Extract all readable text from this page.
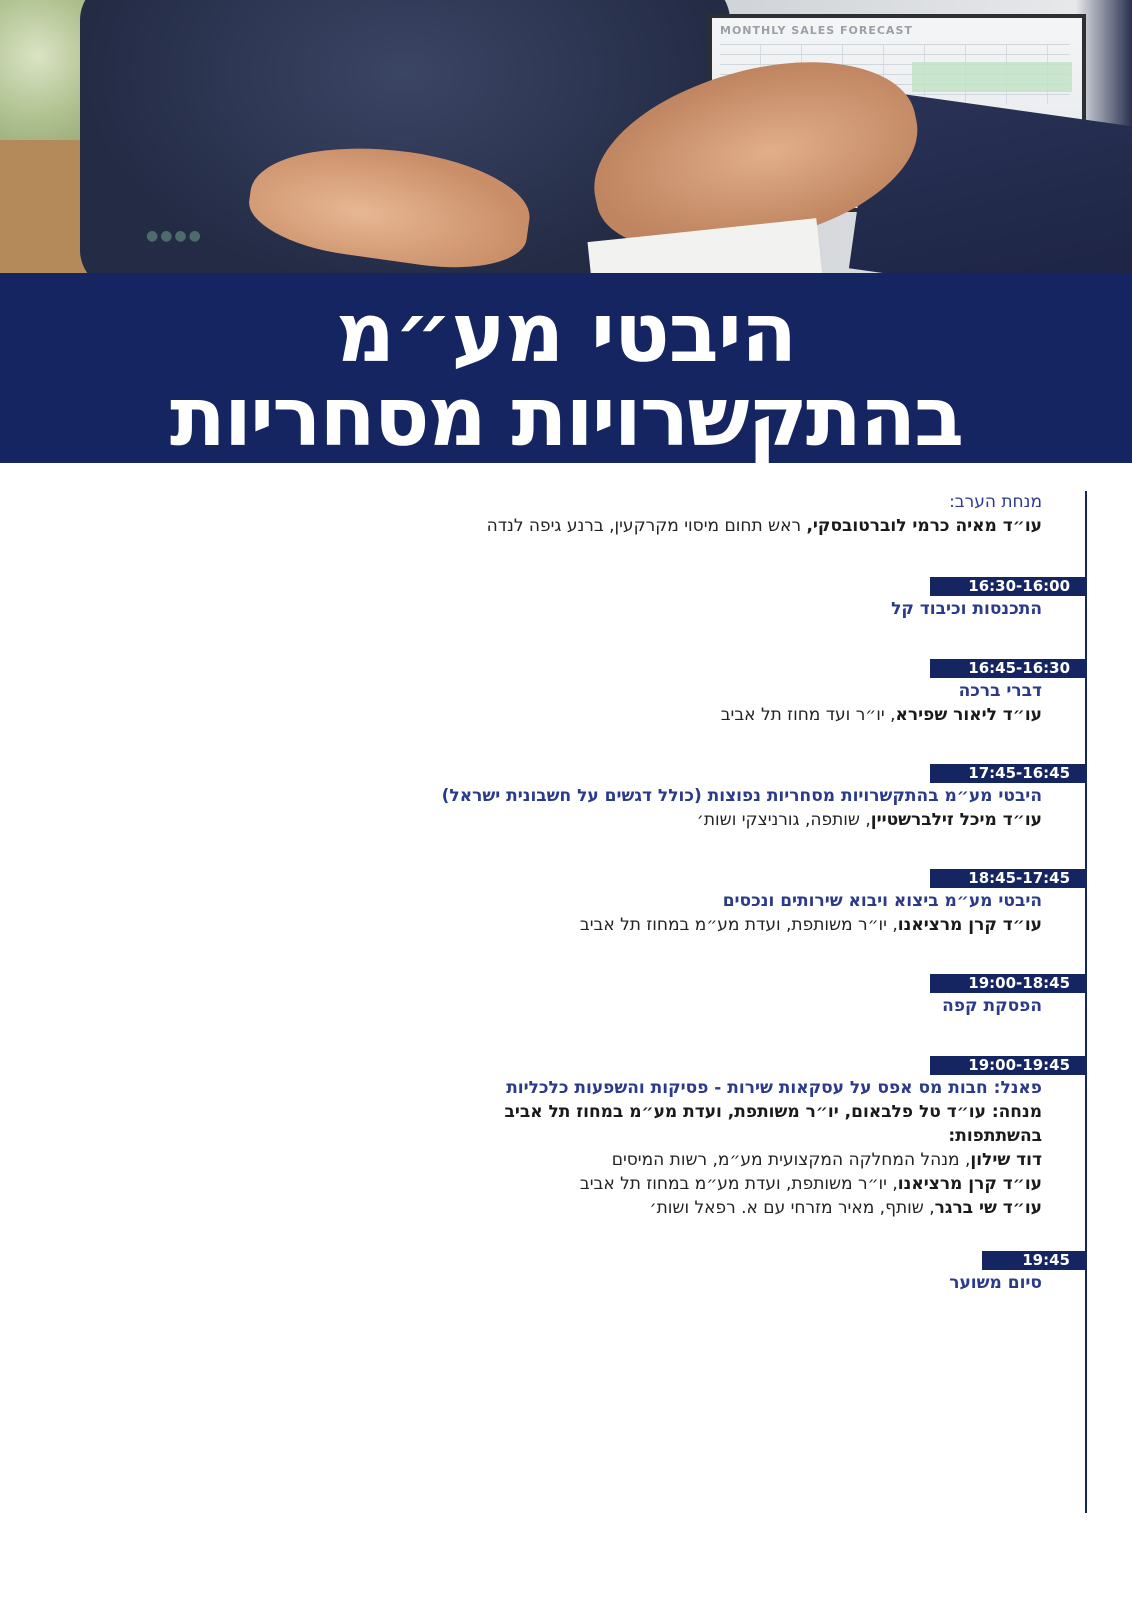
MONTHLY SALES FORECAST
●●●●
היבטי מע״מ
בהתקשרויות מסחריות
מנחת הערב:
עו״ד מאיה כרמי לוברטובסקי, ראש תחום מיסוי מקרקעין, ברנע גיפה לנדה
16:30-16:00
התכנסות וכיבוד קל
16:45-16:30
דברי ברכה
עו״ד ליאור שפירא, יו״ר ועד מחוז תל אביב
17:45-16:45
היבטי מע״מ בהתקשרויות מסחריות נפוצות (כולל דגשים על חשבונית ישראל)
עו״ד מיכל זילברשטיין, שותפה, גורניצקי ושות׳
18:45-17:45
היבטי מע״מ ביצוא ויבוא שירותים ונכסים
עו״ד קרן מרציאנו, יו״ר משותפת, ועדת מע״מ במחוז תל אביב
19:00-18:45
הפסקת קפה
19:00-19:45
פאנל: חבות מס אפס על עסקאות שירות - פסיקות והשפעות כלכליות
מנחה: עו״ד טל פלבאום, יו״ר משותפת, ועדת מע״מ במחוז תל אביב
בהשתתפות:
דוד שילון, מנהל המחלקה המקצועית מע״מ, רשות המיסים
עו״ד קרן מרציאנו, יו״ר משותפת, ועדת מע״מ במחוז תל אביב
עו״ד שי ברגר, שותף, מאיר מזרחי עם א. רפאל ושות׳
19:45
סיום משוער
